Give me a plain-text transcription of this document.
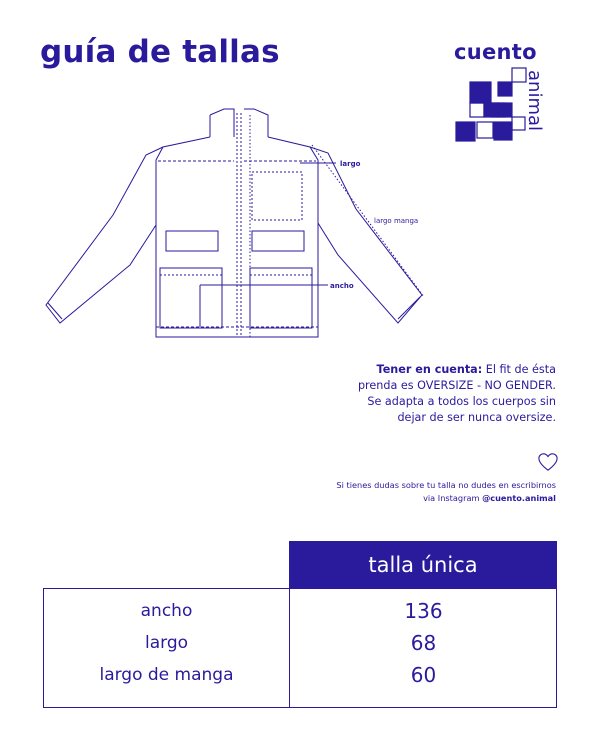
guía de tallas	cuento
animal
largo
largo manga
ancho
Tener en cuenta: El fit de ésta prenda es OVERSIZE - NO GENDER. Se adapta a todos los cuerpos sin dejar de ser nunca oversize.
Si tienes dudas sobre tu talla no dudes en escribirnos via Instagram @cuento.animal
talla única
ancho	136
largo	68
largo de manga	60
